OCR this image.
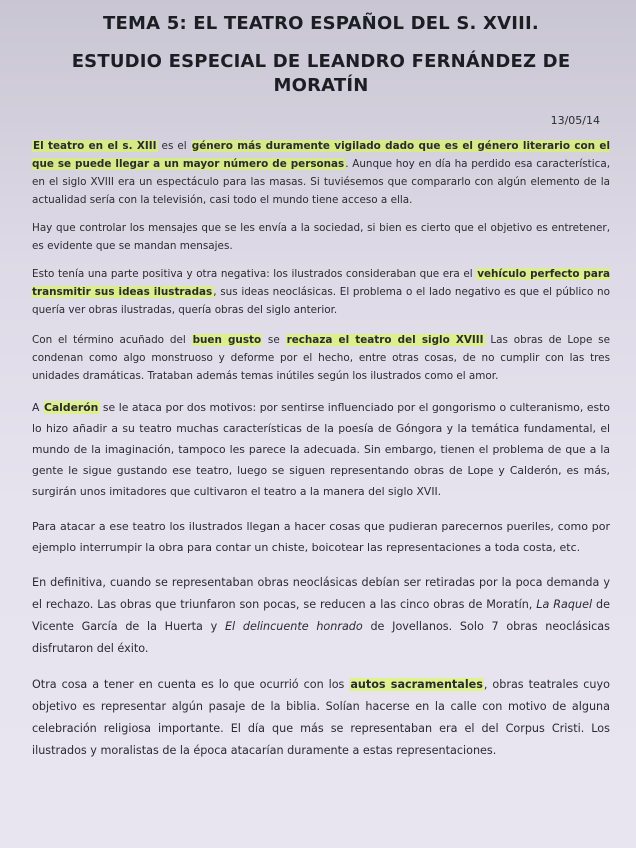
TEMA 5: EL TEATRO ESPAÑOL DEL S. XVIII.
ESTUDIO ESPECIAL DE LEANDRO FERNÁNDEZ DE MORATÍN
13/05/14

El teatro en el s. XIII es el género más duramente vigilado dado que es el género literario con el que se puede llegar a un mayor número de personas. Aunque hoy en día ha perdido esa característica, en el siglo XVIII era un espectáculo para las masas. Si tuviésemos que compararlo con algún elemento de la actualidad sería con la televisión, casi todo el mundo tiene acceso a ella.

Hay que controlar los mensajes que se les envía a la sociedad, si bien es cierto que el objetivo es entretener, es evidente que se mandan mensajes.

Esto tenía una parte positiva y otra negativa: los ilustrados consideraban que era el vehículo perfecto para transmitir sus ideas ilustradas, sus ideas neoclásicas. El problema o el lado negativo es que el público no quería ver obras ilustradas, quería obras del siglo anterior.

Con el término acuñado del buen gusto se rechaza el teatro del siglo XVIII Las obras de Lope se condenan como algo monstruoso y deforme por el hecho, entre otras cosas, de no cumplir con las tres unidades dramáticas. Trataban además temas inútiles según los ilustrados como el amor.

A Calderón se le ataca por dos motivos: por sentirse influenciado por el gongorismo o culteranismo, esto lo hizo añadir a su teatro muchas características de la poesía de Góngora y la temática fundamental, el mundo de la imaginación, tampoco les parece la adecuada. Sin embargo, tienen el problema de que a la gente le sigue gustando ese teatro, luego se siguen representando obras de Lope y Calderón, es más, surgirán unos imitadores que cultivaron el teatro a la manera del siglo XVII.

Para atacar a ese teatro los ilustrados llegan a hacer cosas que pudieran parecernos pueriles, como por ejemplo interrumpir la obra para contar un chiste, boicotear las representaciones a toda costa, etc.

En definitiva, cuando se representaban obras neoclásicas debían ser retiradas por la poca demanda y el rechazo. Las obras que triunfaron son pocas, se reducen a las cinco obras de Moratín, La Raquel de Vicente García de la Huerta y El delincuente honrado de Jovellanos. Solo 7 obras neoclásicas disfrutaron del éxito.

Otra cosa a tener en cuenta es lo que ocurrió con los autos sacramentales, obras teatrales cuyo objetivo es representar algún pasaje de la biblia. Solían hacerse en la calle con motivo de alguna celebración religiosa importante. El día que más se representaban era el del Corpus Cristi. Los ilustrados y moralistas de la época atacarían duramente a estas representaciones.
